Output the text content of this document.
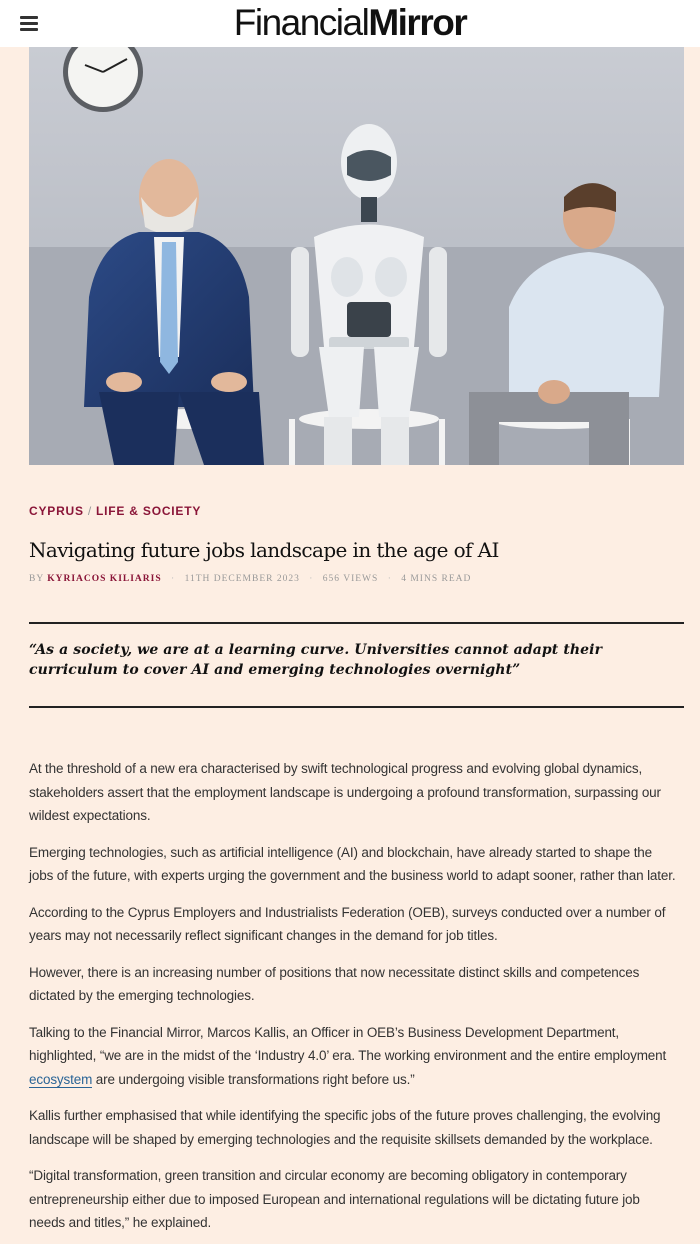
FinancialMirror
CYPRUS / LIFE & SOCIETY
Navigating future jobs landscape in the age of AI
BY KYRIACOS KILIARIS · 11TH DECEMBER 2023 · 656 VIEWS · 4 MINS READ
“As a society, we are at a learning curve. Universities cannot adapt their curriculum to cover AI and emerging technologies overnight”

At the threshold of a new era characterised by swift technological progress and evolving global dynamics, stakeholders assert that the employment landscape is undergoing a profound transformation, surpassing our wildest expectations.

Emerging technologies, such as artificial intelligence (AI) and blockchain, have already started to shape the jobs of the future, with experts urging the government and the business world to adapt sooner, rather than later.

According to the Cyprus Employers and Industrialists Federation (OEB), surveys conducted over a number of years may not necessarily reflect significant changes in the demand for job titles.

However, there is an increasing number of positions that now necessitate distinct skills and competences dictated by the emerging technologies.

Talking to the Financial Mirror, Marcos Kallis, an Officer in OEB’s Business Development Department, highlighted, “we are in the midst of the ‘Industry 4.0’ era. The working environment and the entire employment ecosystem are undergoing visible transformations right before us.”

Kallis further emphasised that while identifying the specific jobs of the future proves challenging, the evolving landscape will be shaped by emerging technologies and the requisite skillsets demanded by the workplace.

“Digital transformation, green transition and circular economy are becoming obligatory in contemporary entrepreneurship either due to imposed European and international regulations will be dictating future job needs and titles,” he explained.
